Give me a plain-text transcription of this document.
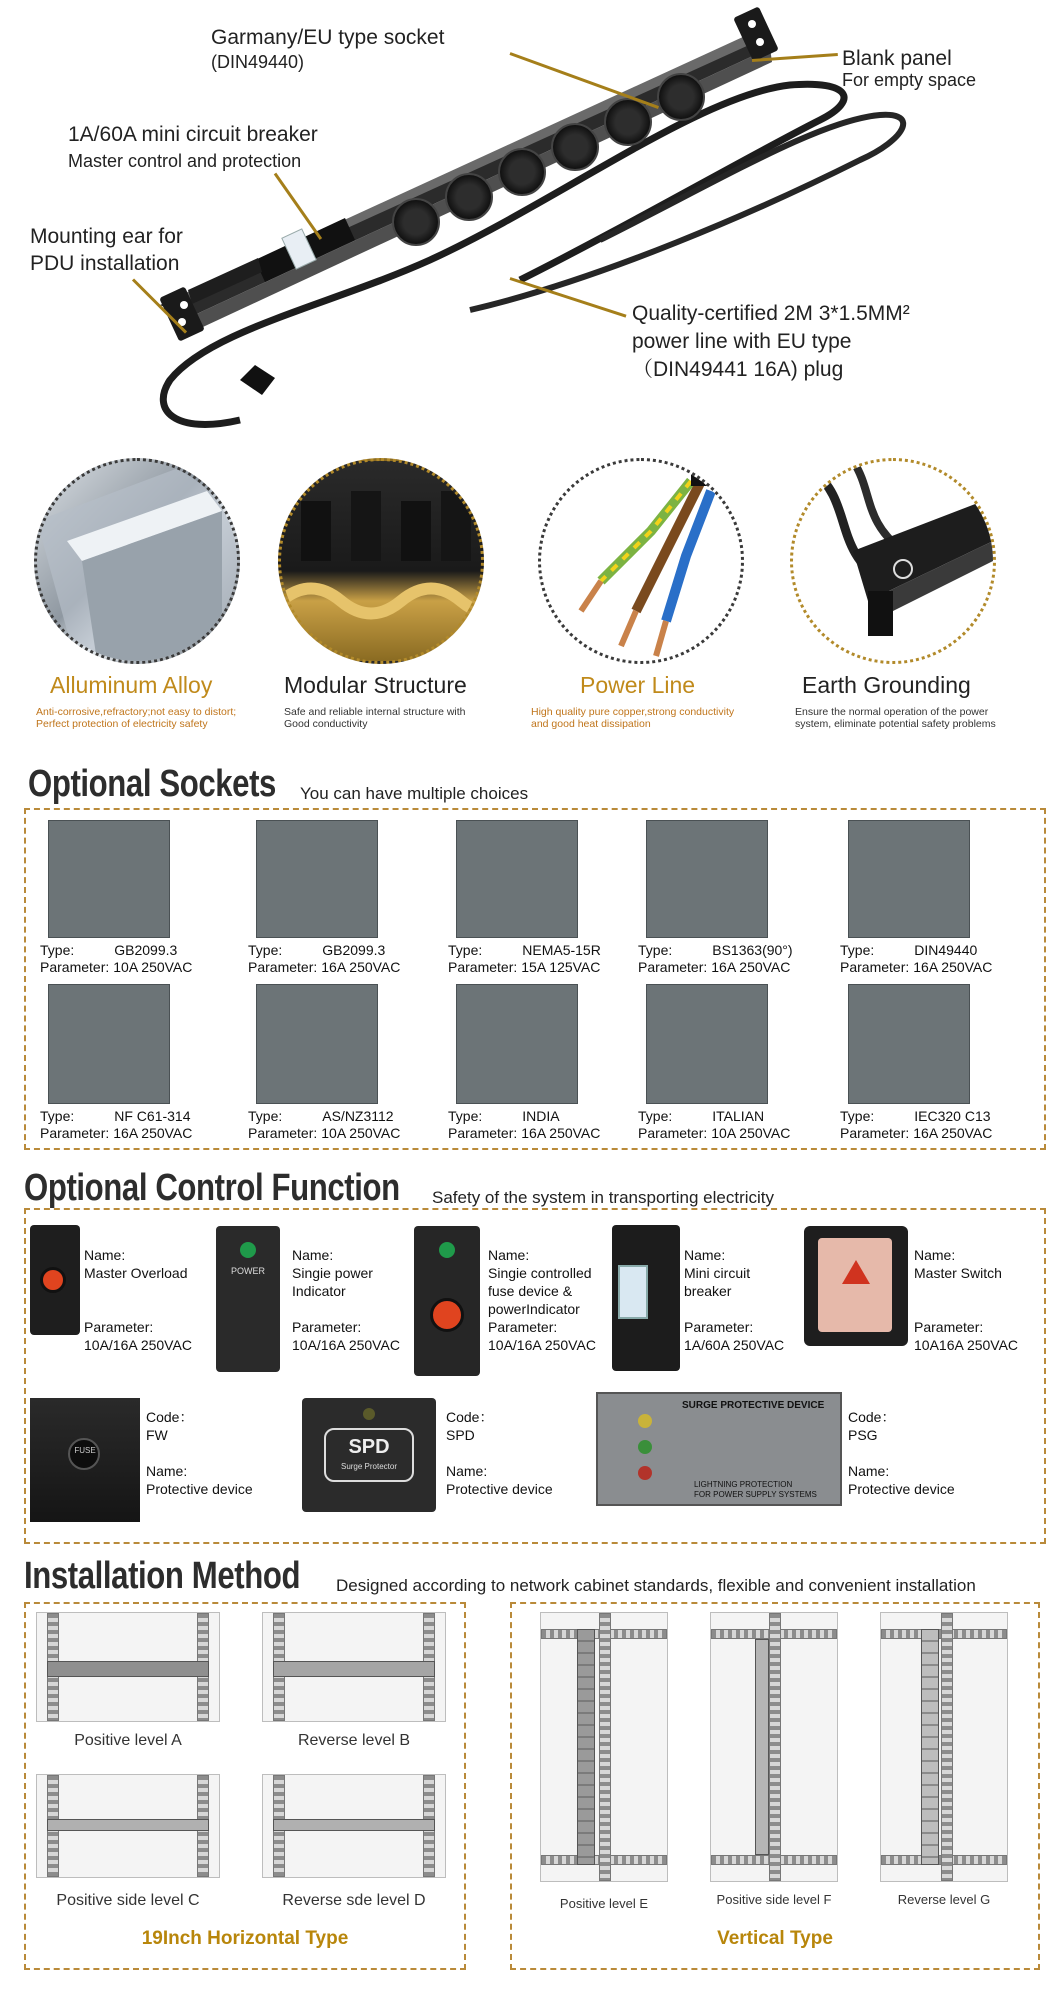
Garmany/EU type socket
(DIN49440)
1A/60A mini circuit breaker
Master control and protection
Mounting ear for
PDU installation
Blank panel
For empty space
Quality-certified 2M 3*1.5MM²
power line with EU type
（DIN49441 16A) plug
Alluminum Alloy
Anti-corrosive,refractory;not easy to distort;
Perfect protection of electricity safety
Modular Structure
Safe and reliable internal structure with
Good conductivity
Power Line
High quality pure copper,strong conductivity
and good heat dissipation
Earth Grounding
Ensure the normal operation of the power
system, eliminate potential safety problems
Optional Sockets You can have multiple choices
Type:	GB2099.3
Parameter: 10A 250VAC
Type:	GB2099.3
Parameter: 16A 250VAC
Type:	NEMA5-15R
Parameter: 15A 125VAC
Type:	BS1363(90°)
Parameter: 16A 250VAC
Type:	DIN49440
Parameter: 16A 250VAC
Type:	NF C61-314
Parameter: 16A 250VAC
Type:	AS/NZ3112
Parameter: 10A 250VAC
Type:	INDIA
Parameter: 16A 250VAC
Type:	ITALIAN
Parameter: 10A 250VAC
Type:	IEC320 C13
Parameter: 16A 250VAC
Optional Control Function Safety of the system in transporting electricity
Name:
Master Overload
Parameter:
10A/16A 250VAC
POWER
Name:
Singie power
Indicator
Parameter:
10A/16A 250VAC
Name:
Singie controlled
fuse device &
powerIndicator
Parameter:
10A/16A 250VAC
Name:
Mini circuit
breaker
Parameter:
1A/60A 250VAC
Name:
Master Switch
Parameter:
10A16A 250VAC
FUSE
Code：
FW
Name:
Protective device
SPD
Surge Protector
Code：
SPD
Name:
Protective device
SURGE PROTECTIVE DEVICE
LIGHTNING PROTECTION
FOR POWER SUPPLY SYSTEMS
Code：
PSG
Name:
Protective device
Installation Method Designed according to network cabinet standards, flexible and convenient installation
Positive level A	Reverse level B
Positive side level C	Reverse sde level D
19Inch Horizontal Type
Positive level E	Positive side level F	Reverse level G
Vertical Type
